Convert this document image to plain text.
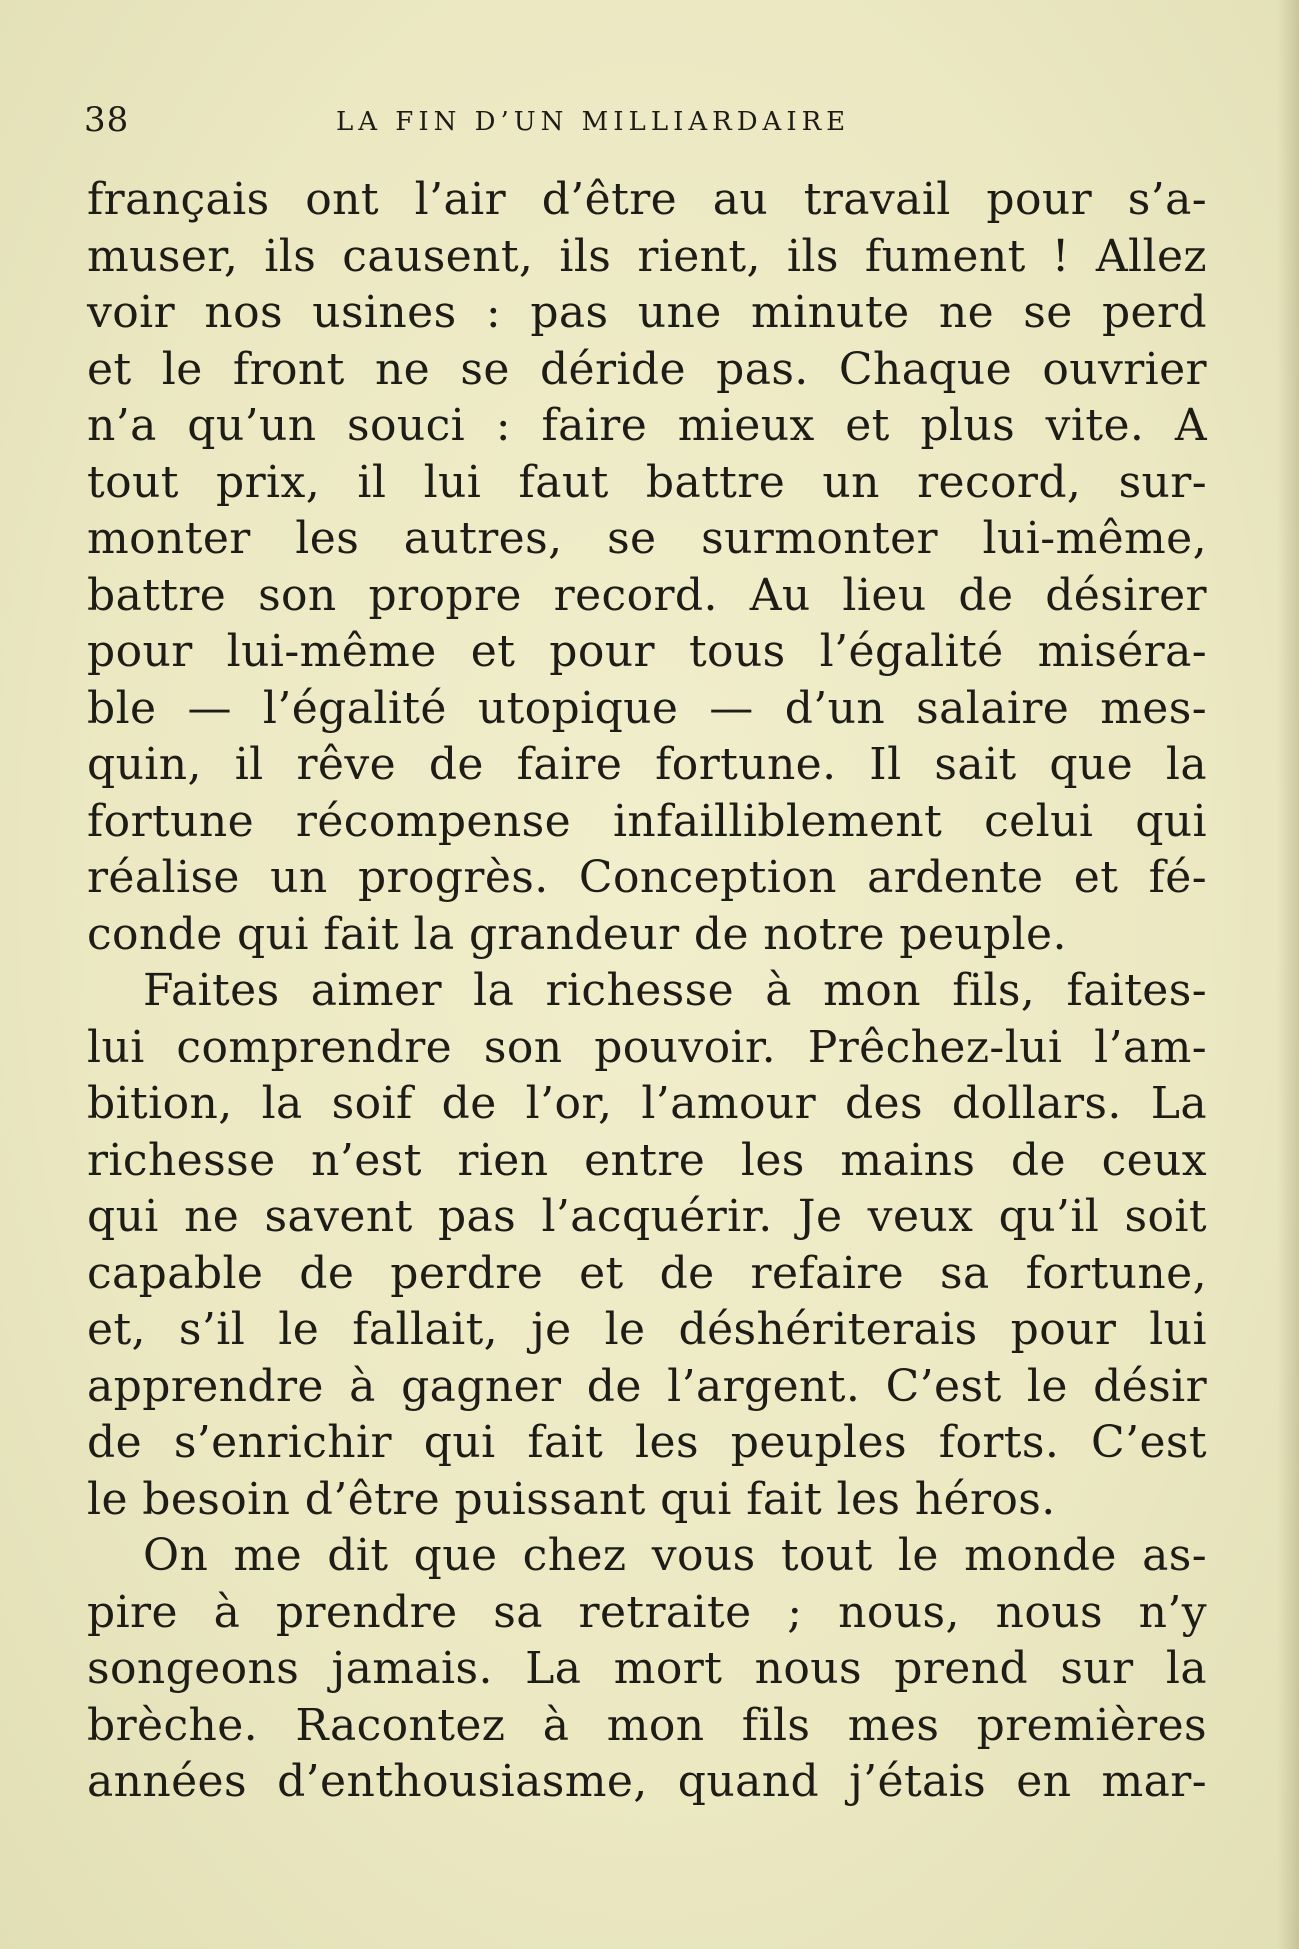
38	LA FIN D’UN MILLIARDAIRE
français ont l’air d’être au travail pour s’a-
muser, ils causent, ils rient, ils fument ! Allez
voir nos usines : pas une minute ne se perd
et le front ne se déride pas. Chaque ouvrier
n’a qu’un souci : faire mieux et plus vite. A
tout prix, il lui faut battre un record, sur-
monter les autres, se surmonter lui-même,
battre son propre record. Au lieu de désirer
pour lui-même et pour tous l’égalité miséra-
ble — l’égalité utopique — d’un salaire mes-
quin, il rêve de faire fortune. Il sait que la
fortune récompense infailliblement celui qui
réalise un progrès. Conception ardente et fé-
conde qui fait la grandeur de notre peuple.
Faites aimer la richesse à mon fils, faites-
lui comprendre son pouvoir. Prêchez-lui l’am-
bition, la soif de l’or, l’amour des dollars. La
richesse n’est rien entre les mains de ceux
qui ne savent pas l’acquérir. Je veux qu’il soit
capable de perdre et de refaire sa fortune,
et, s’il le fallait, je le déshériterais pour lui
apprendre à gagner de l’argent. C’est le désir
de s’enrichir qui fait les peuples forts. C’est
le besoin d’être puissant qui fait les héros.
On me dit que chez vous tout le monde as-
pire à prendre sa retraite ; nous, nous n’y
songeons jamais. La mort nous prend sur la
brèche. Racontez à mon fils mes premières
années d’enthousiasme, quand j’étais en mar-
